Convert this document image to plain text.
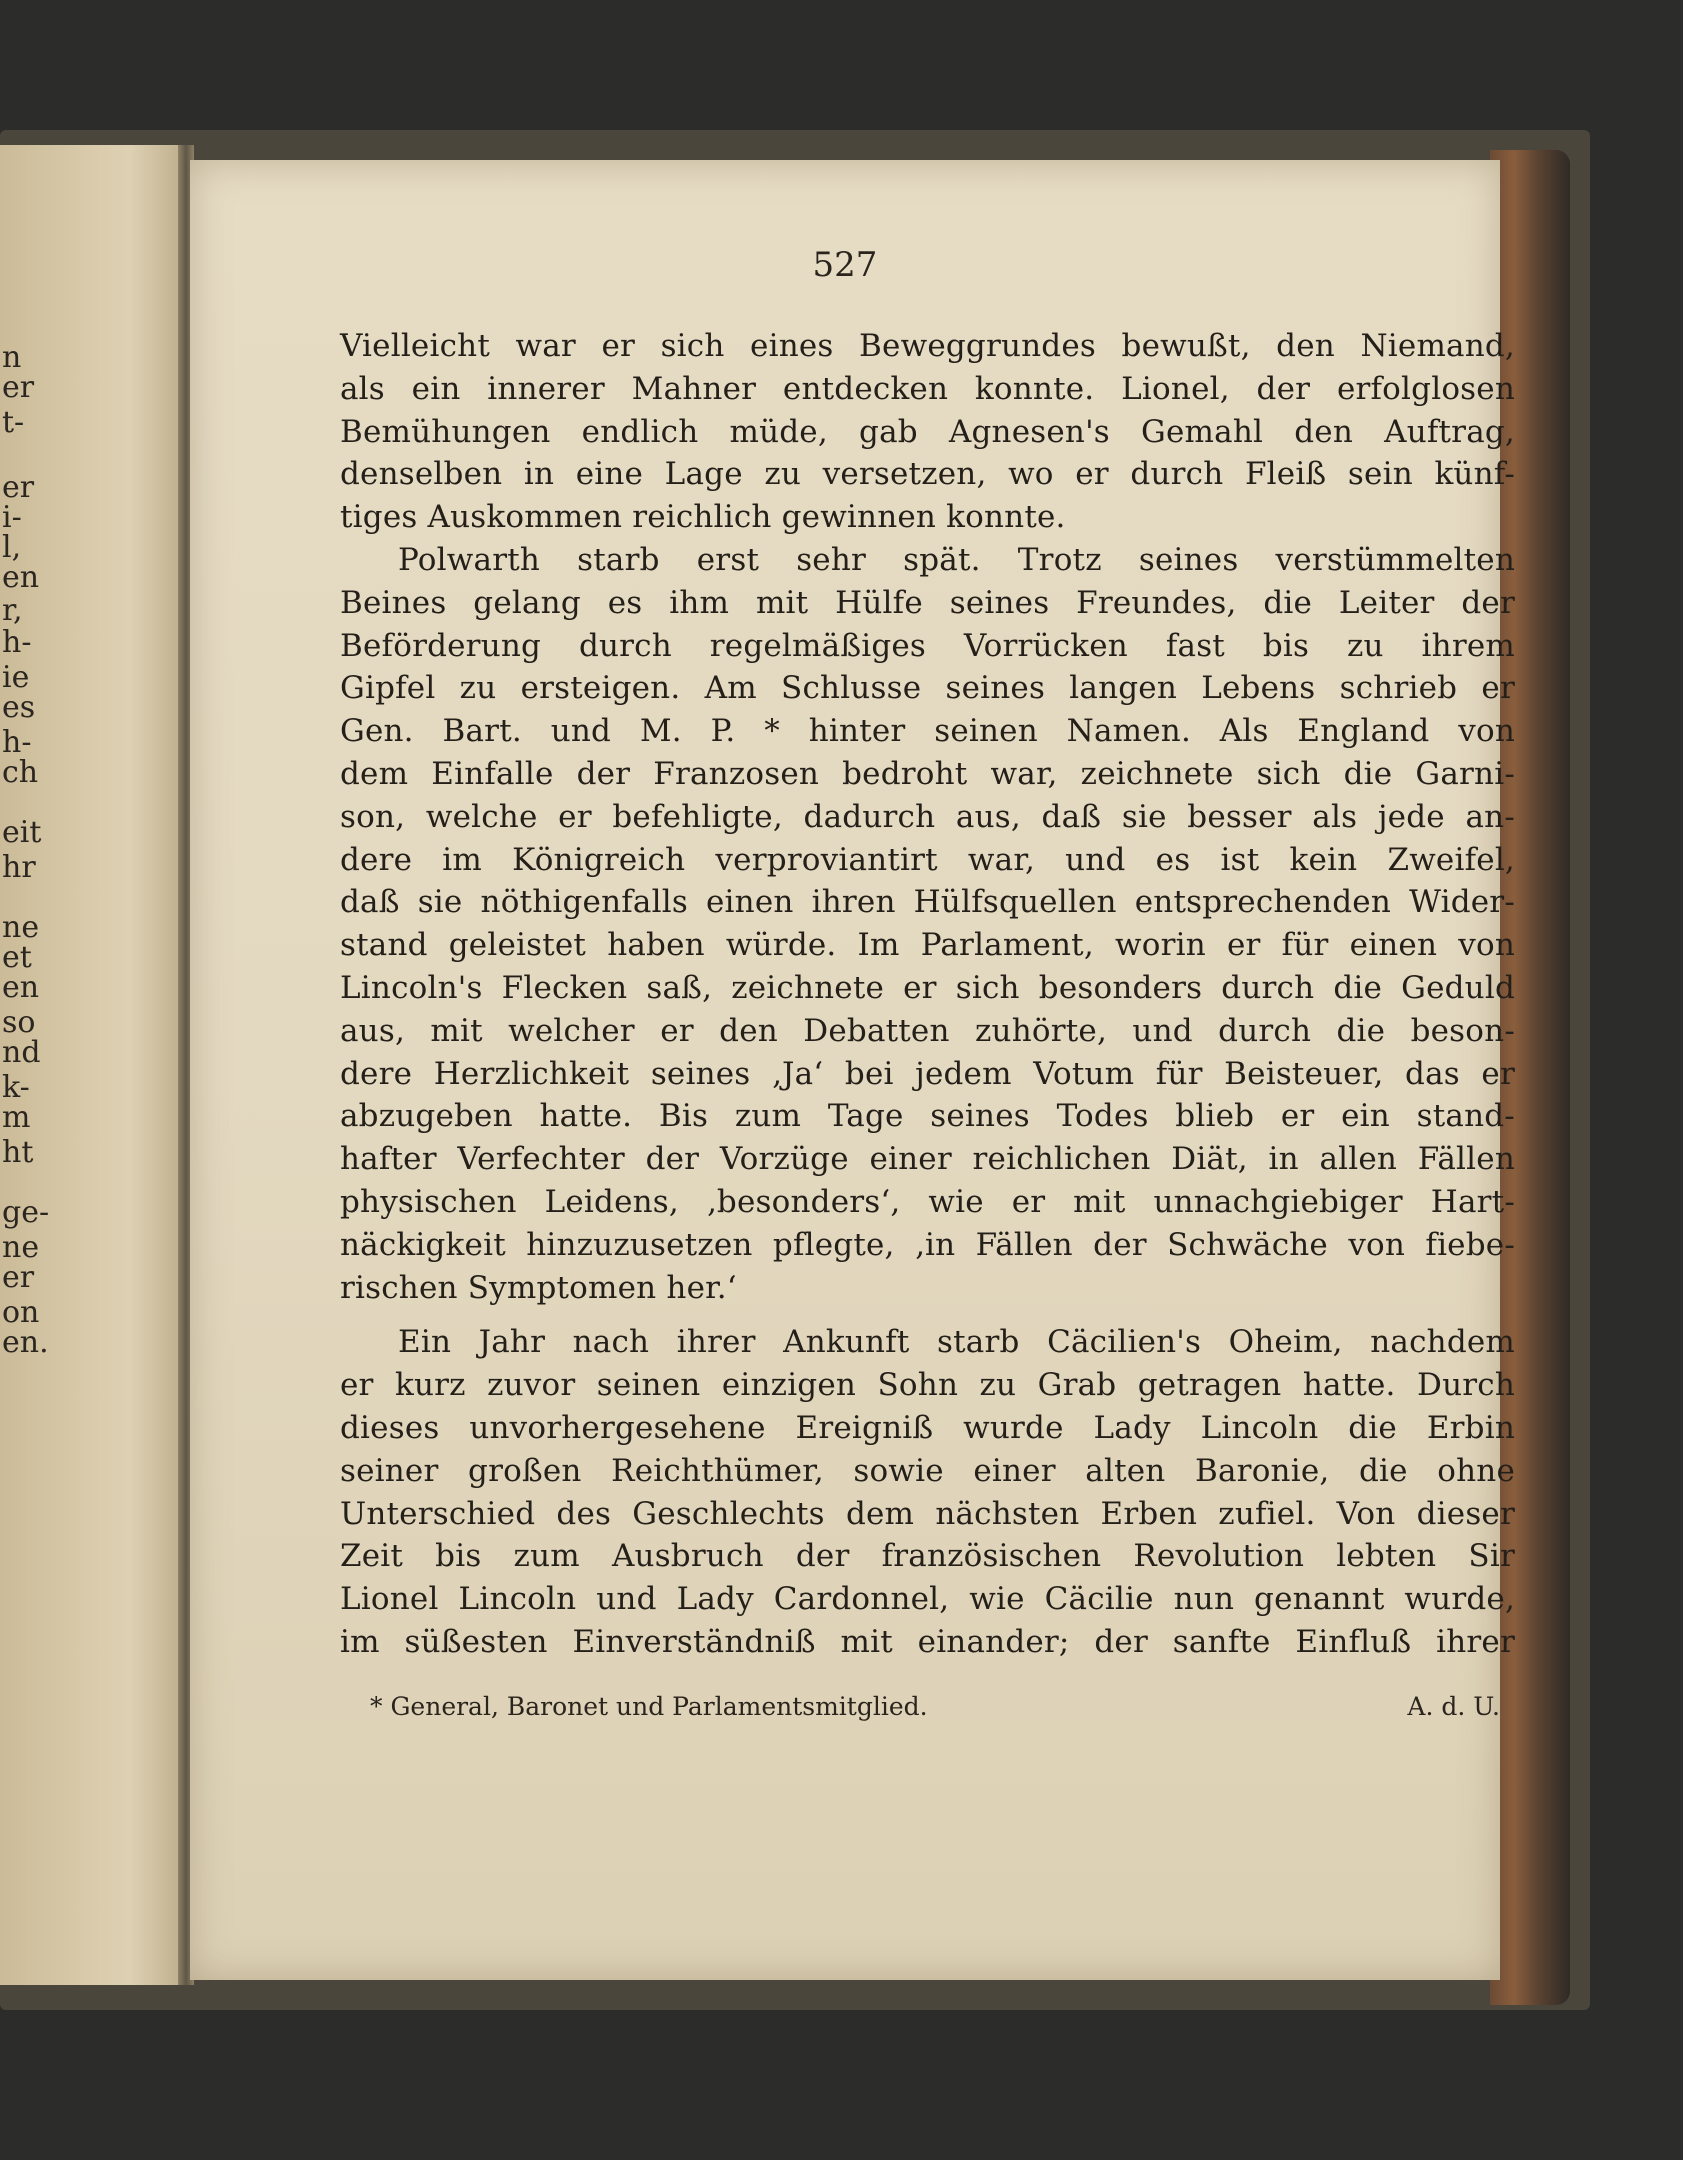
n
er
t-
er
i-
l,
en
r,
h-
ie
es
h-
ch
eit
hr
ne
et
en
so
nd
k-
m
ht
ge-
ne
er
on
en.
527
Vielleicht war er sich eines Beweggrundes bewußt, den Niemand,
als ein innerer Mahner entdecken konnte. Lionel, der erfolglosen
Bemühungen endlich müde, gab Agnesen's Gemahl den Auftrag,
denselben in eine Lage zu versetzen, wo er durch Fleiß sein künf-
tiges Auskommen reichlich gewinnen konnte.
Polwarth starb erst sehr spät. Trotz seines verstümmelten
Beines gelang es ihm mit Hülfe seines Freundes, die Leiter der
Beförderung durch regelmäßiges Vorrücken fast bis zu ihrem
Gipfel zu ersteigen. Am Schlusse seines langen Lebens schrieb er
Gen. Bart. und M. P. * hinter seinen Namen. Als England von
dem Einfalle der Franzosen bedroht war, zeichnete sich die Garni-
son, welche er befehligte, dadurch aus, daß sie besser als jede an-
dere im Königreich verproviantirt war, und es ist kein Zweifel,
daß sie nöthigenfalls einen ihren Hülfsquellen entsprechenden Wider-
stand geleistet haben würde. Im Parlament, worin er für einen von
Lincoln's Flecken saß, zeichnete er sich besonders durch die Geduld
aus, mit welcher er den Debatten zuhörte, und durch die beson-
dere Herzlichkeit seines ‚Ja‘ bei jedem Votum für Beisteuer, das er
abzugeben hatte. Bis zum Tage seines Todes blieb er ein stand-
hafter Verfechter der Vorzüge einer reichlichen Diät, in allen Fällen
physischen Leidens, ‚besonders‘, wie er mit unnachgiebiger Hart-
näckigkeit hinzuzusetzen pflegte, ‚in Fällen der Schwäche von fiebe-
rischen Symptomen her.‘
Ein Jahr nach ihrer Ankunft starb Cäcilien's Oheim, nachdem
er kurz zuvor seinen einzigen Sohn zu Grab getragen hatte. Durch
dieses unvorhergesehene Ereigniß wurde Lady Lincoln die Erbin
seiner großen Reichthümer, sowie einer alten Baronie, die ohne
Unterschied des Geschlechts dem nächsten Erben zufiel. Von dieser
Zeit bis zum Ausbruch der französischen Revolution lebten Sir
Lionel Lincoln und Lady Cardonnel, wie Cäcilie nun genannt wurde,
im süßesten Einverständniß mit einander; der sanfte Einfluß ihrer
* General, Baronet und Parlamentsmitglied.	A. d. U.
